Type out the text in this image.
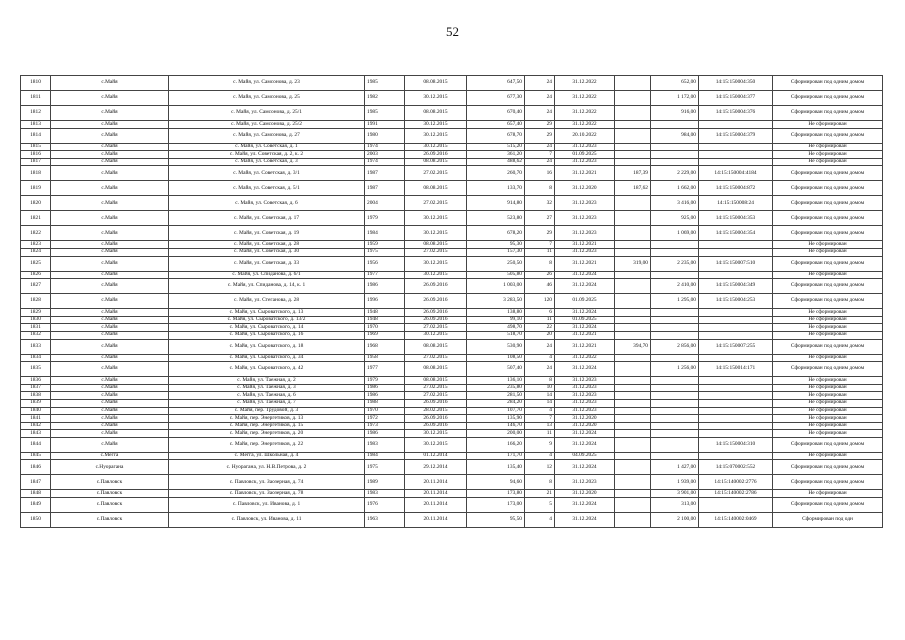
52
1810	с.Майя	с. Майя, ул. Самсонова, д. 23	1985	08.08.2015	647,50	24	31.12.2022		652,00	14:15:150004:350	Сформирован под одним домом
1811	с.Майя	с. Майя, ул. Самсонова, д. 25	1982	30.12.2015	677,30	24	31.12.2022		1 172,00	14:15:150004:377	Сформирован под одним домом
1812	с.Майя	с. Майя, ул. Самсонова, д. 25/1	1985	08.08.2015	670,40	24	31.12.2022		916,00	14:15:150004:376	Сформирован под одним домом
1813	с.Майя	с. Майя, ул. Самсонова, д. 25/2	1991	30.12.2015	657,40	29	31.12.2022				Не сформирован
1814	с.Майя	с. Майя, ул. Самсонова, д. 27	1980	30.12.2015	678,70	29	20.10.2022		984,00	14:15:150004:379	Сформирован под одним домом
1815	с.Майя	с. Майя, ул. Советская, д. 1	1974	30.12.2015	515,20	24	31.12.2023				Не сформирован
1816	с.Майя	с. Майя, ул. Советская, д. 2, к. 2	2003	26.09.2016	361,20	7	01.09.2025				Не сформирован
1817	с.Майя	с. Майя, ул. Советская, д. 3	1974	08.08.2015	488,62	24	31.12.2023				Не сформирован
1818	с.Майя	с. Майя, ул. Советская, д. 3/1	1987	27.02.2015	260,70	16	31.12.2021	187,39	2 229,00	14:15:150004:4184	Сформирован под одним домом
1819	с.Майя	с. Майя, ул. Советская, д. 5/1	1987	08.08.2015	133,70	8	31.12.2020	187,62	1 662,00	14:15:150004:872	Сформирован под одним домом
1820	с.Майя	с. Майя, ул. Советская, д. 6	2004	27.02.2015	914,80	32	31.12.2023		3 416,00	14:15:150008:24	Сформирован под одним домом
1821	с.Майя	с. Майя, ул. Советская, д. 17	1979	30.12.2015	523,80	27	31.12.2023		925,00	14:15:150004:353	Сформирован под одним домом
1822	с.Майя	с. Майя, ул. Советская, д. 19	1984	30.12.2015	678,20	29	31.12.2023		1 069,00	14:15:150004:354	Сформирован под одним домом
1823	с.Майя	с. Майя, ул. Советская, д. 28	1959	08.08.2015	95,30	7	31.12.2021				Не сформирован
1824	с.Майя	с. Майя, ул. Советская, д. 30	1975	27.02.2015	157,30	11	31.12.2023				Не сформирован
1825	с.Майя	с. Майя, ул. Советская, д. 33	1956	30.12.2015	250,50	8	31.12.2021	319,00	2 235,00	14:15:150007:510	Сформирован под одним домом
1826	с.Майя	с. Майя, ул. Спиданова, д. 6/1	1977	30.12.2015	505,80	26	31.12.2024				Не сформирован
1827	с.Майя	с. Майя, ул. Спиданова, д. 14, к. 1	1986	26.09.2016	1 003,00	46	31.12.2024		2 410,00	14:15:150004:349	Сформирован под одним домом
1828	с.Майя	с. Майя, ул. Стеганова, д. 28	1996	26.09.2016	3 283,50	120	01.09.2025		1 295,00	14:15:150004:253	Сформирован под одним домом
1829	с.Майя	с. Майя, ул. Сыроватского, д. 13	1948	26.09.2016	138,80	6	31.12.2024				Не сформирован
1830	с.Майя	с. Майя, ул. Сыроватского, д. 13/2	1948	26.09.2016	99,10	11	01.09.2025				Не сформирован
1831	с.Майя	с. Майя, ул. Сыроватского, д. 14	1970	27.02.2015	498,70	22	31.12.2024				Не сформирован
1832	с.Майя	с. Майя, ул. Сыроватского, д. 16	1969	30.12.2015	518,70	20	31.12.2021				Не сформирован
1833	с.Майя	с. Майя, ул. Сыроватского, д. 18	1968	08.08.2015	530,90	24	31.12.2021	394,70	2 856,00	14:15:150007:255	Сформирован под одним домом
1834	с.Майя	с. Майя, ул. Сыроватского, д. 34	1958	27.02.2015	108,50	4	31.12.2022				Не сформирован
1835	с.Майя	с. Майя, ул. Сыроватского, д. 42	1977	08.08.2015	507,40	24	31.12.2024		1 256,00	14:15:150014:171	Сформирован под одним домом
1836	с.Майя	с. Майя, ул. Таежная, д. 2	1979	08.08.2015	136,10	8	31.12.2023				Не сформирован
1837	с.Майя	с. Майя, ул. Таежная, д. 3	1986	27.02.2015	235,80	10	31.12.2023				Не сформирован
1838	с.Майя	с. Майя, ул. Таежная, д. 6	1986	27.02.2015	281,50	14	31.12.2023				Не сформирован
1839	с.Майя	с. Майя, ул. Таежная, д. 7	1988	26.09.2016	284,20	14	31.12.2023				Не сформирован
1840	с.Майя	с. Майя, пер. Трудовой, д. 3	1970	28.02.2015	107,70	4	31.12.2023				Не сформирован
1841	с.Майя	с. Майя, пер. Энергетиков, д. 13	1972	26.09.2016	135,90	7	31.12.2020				Не сформирован
1842	с.Майя	с. Майя, пер. Энергетиков, д. 15	1973	26.09.2016	146,70	13	31.12.2020				Не сформирован
1843	с.Майя	с. Майя, пер. Энергетиков, д. 20	1986	30.12.2015	200,00	11	31.12.2024				Не сформирован
1844	с.Майя	с. Майя, пер. Энергетиков, д. 22	1983	30.12.2015	166,20	9	31.12.2024			14:15:150004:310	Сформирован под одним домом
1845	с.Мегга	с. Мегга, ул. Школьная, д. 4	1984	01.12.2014	171,70	4	04.09.2025				Не сформирован
1846	с.Нуорагана	с. Нуорагана, ул. Н.В.Петрова, д. 2	1975	29.12.2014	135,40	12	31.12.2024		1 427,00	14:15:070002:552	Сформирован под одним домом
1847	с.Павловск	с. Павловск, ул. Заозерная, д. 74	1989	20.11.2014	94,60	8	31.12.2023		1 939,00	14:15:140002:2776	Сформирован под одним домом
1848	с.Павловск	с. Павловск, ул. Заозерная, д. 78	1983	20.11.2014	173,80	21	31.12.2020		3 901,00	14:15:140002:2786	Не сформирован
1849	с.Павловск	с. Павловск, ул. Иванова, д. 1	1976	20.11.2014	173,00	5	31.12.2024		313,00		Сформирован под одним домом
1850	с.Павловск	с. Павловск, ул. Иванова, д. 11	1963	20.11.2014	95,50	4	31.12.2024		2 100,00	14:15:140002:0469	Сформирован под одн
